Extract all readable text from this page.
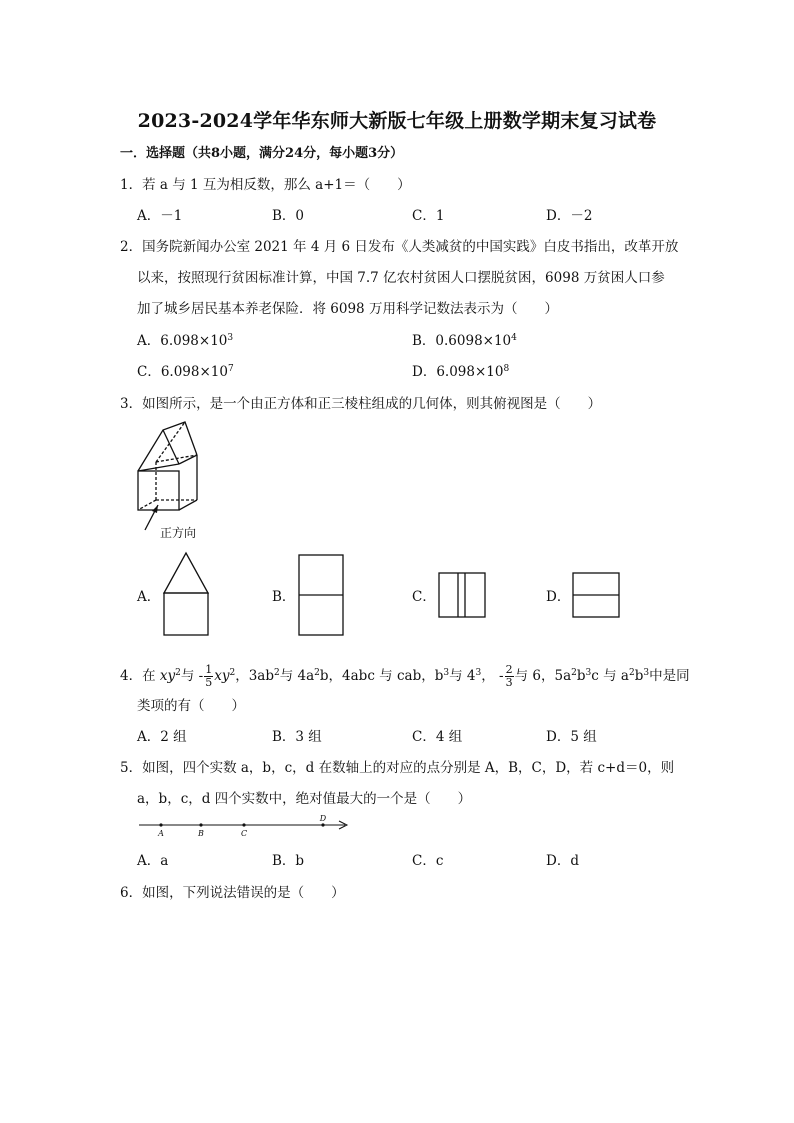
2023-2024学年华东师大新版七年级上册数学期末复习试卷
一．选择题（共8小题，满分24分，每小题3分）
1．若 a 与 1 互为相反数，那么 a+1＝（　　）
A．－1	B．0	C．1	D．－2
2．国务院新闻办公室 2021 年 4 月 6 日发布《人类减贫的中国实践》白皮书指出，改革开放
以来，按照现行贫困标准计算，中国 7.7 亿农村贫困人口摆脱贫困，6098 万贫困人口参
加了城乡居民基本养老保险．将 6098 万用科学记数法表示为（　　）
A．$6.098\times 10^3$	B．$0.6098\times 10^4$
C．$6.098\times 10^7$	D．$6.098\times 10^8$
3．如图所示，是一个由正方体和正三棱柱组成的几何体，则其俯视图是（　　）
正方向
A．	B．	C．	D．
4．在 $xy^2$与 - $\frac{1}{5} xy^2$，$3ab^2$与 $4a^2b$，4abc 与 cab，$b^3$与 $4^3$， - $\frac{2}{3}$ 与 6，$5a^2b^3c$ 与 $a^2b^3$中是同
类项的有（　　）
A．2 组	B．3 组	C．4 组	D．5 组
5．如图，四个实数 a，b，c，d 在数轴上的对应的点分别是 A，B，C，D，若 c+d＝0，则
a，b，c，d 四个实数中，绝对值最大的一个是（　　）
A	B	C
D
A．a	B．b	C．c	D．d
6．如图，下列说法错误的是（　　）
